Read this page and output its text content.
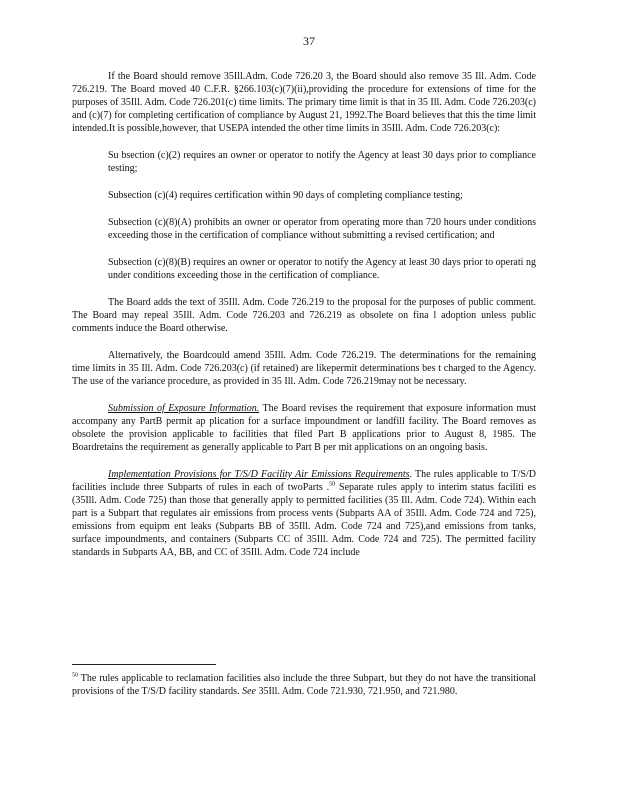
37

If the Board should remove 35Ill.Adm. Code 726.20 3, the Board should also remove 35 Ill. Adm. Code 726.219. The Board moved 40 C.F.R. §266.103(c)(7)(ii),providing the procedure for extensions of time for the purposes of 35Ill. Adm. Code 726.201(c) time limits. The primary time limit is that in 35 Ill. Adm. Code 726.203(c) and (c)(7) for completing certification of compliance by August 21, 1992.The Board believes that this the time limit intended.It is possible,however, that USEPA intended the other time limits in 35Ill. Adm. Code 726.203(c):

Su bsection (c)(2) requires an owner or operator to notify the Agency at least 30 days prior to compliance testing;

Subsection (c)(4) requires certification within 90 days of completing compliance testing;

Subsection (c)(8)(A) prohibits an owner or operator from operating more than 720 hours under conditions exceeding those in the certification of compliance without submitting a revised certification; and

Subsection (c)(8)(B) requires an owner or operator to notify the Agency at least 30 days prior to operati ng under conditions exceeding those in the certification of compliance.

The Board adds the text of 35Ill. Adm. Code 726.219 to the proposal for the purposes of public comment. The Board may repeal 35Ill. Adm. Code 726.203 and 726.219 as obsolete on fina l adoption unless public comments induce the Board otherwise.

Alternatively, the Boardcould amend 35Ill. Adm. Code 726.219. The determinations for the remaining time limits in 35 Ill. Adm. Code 726.203(c) (if retained) are likepermit determinations bes t charged to the Agency. The use of the variance procedure, as provided in 35 Ill. Adm. Code 726.219may not be necessary.

Submission of Exposure Information. The Board revises the requirement that exposure information must accompany any PartB permit ap plication for a surface impoundment or landfill facility. The Board removes as obsolete the provision applicable to facilities that filed Part B applications prior to August 8, 1985. The Boardretains the requirement as generally applicable to Part B per mit applications on an ongoing basis.

Implementation Provisions for T/S/D Facility Air Emissions Requirements. The rules applicable to T/S/D facilities include three Subparts of rules in each of twoParts .$^{50}$ Separate rules apply to interim status faciliti es (35Ill. Adm. Code 725) than those that generally apply to permitted facilities (35 Ill. Adm. Code 724). Within each part is a Subpart that regulates air emissions from process vents (Subparts AA of 35Ill. Adm. Code 724 and 725), emissions from equipm ent leaks (Subparts BB of 35Ill. Adm. Code 724 and 725),and emissions from tanks, surface impoundments, and containers (Subparts CC of 35Ill. Adm. Code 724 and 725). The permitted facility standards in Subparts AA, BB, and CC of 35Ill. Adm. Code 724 include

$^{50}$ The rules applicable to reclamation facilities also include the three Subpart, but they do not have the transitional provisions of the T/S/D facility standards. See 35Ill. Adm. Code 721.930, 721.950, and 721.980.
